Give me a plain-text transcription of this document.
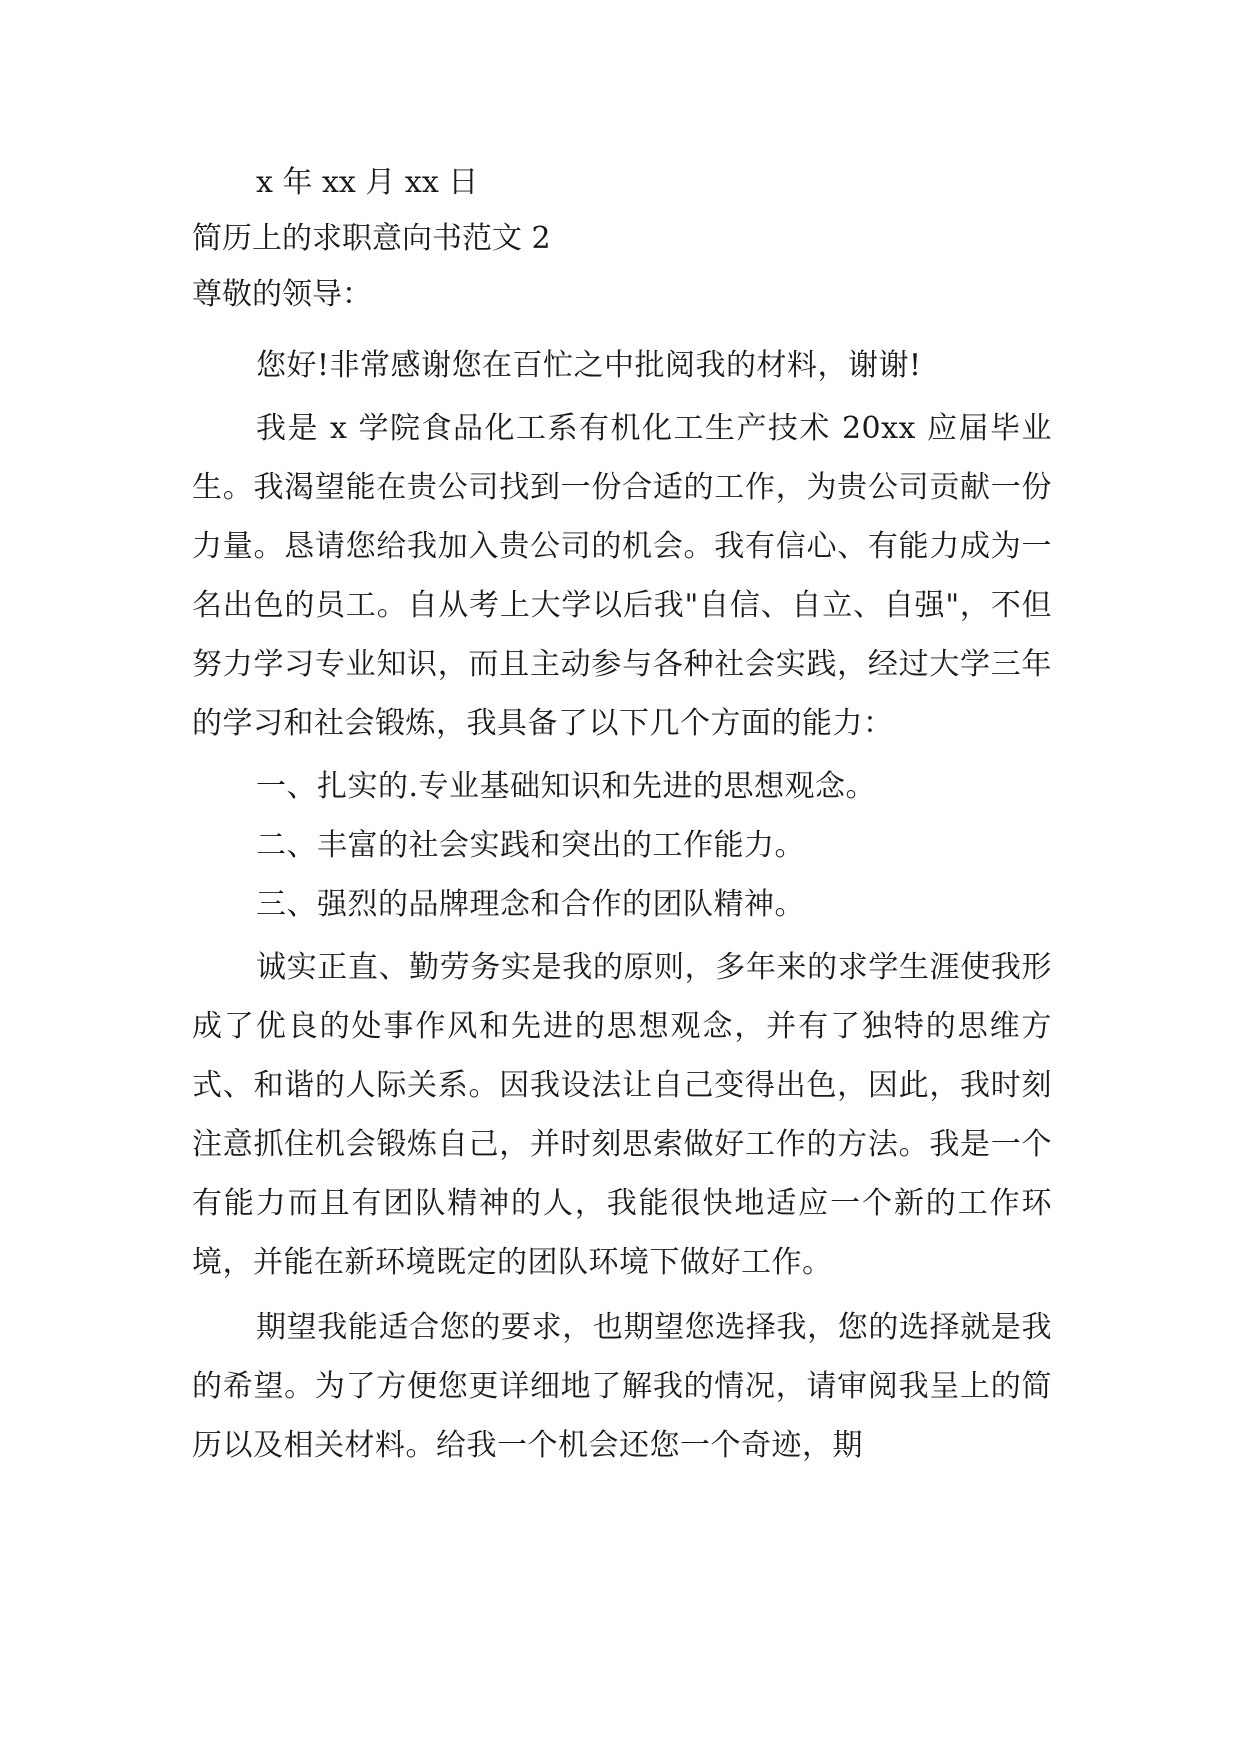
x 年 xx 月 xx 日

简历上的求职意向书范文 2

尊敬的领导：

您好!非常感谢您在百忙之中批阅我的材料，谢谢!

我是 x 学院食品化工系有机化工生产技术 20xx 应届毕业生。我渴望能在贵公司找到一份合适的工作，为贵公司贡献一份力量。恳请您给我加入贵公司的机会。我有信心、有能力成为一名出色的员工。自从考上大学以后我"自信、自立、自强"，不但努力学习专业知识，而且主动参与各种社会实践，经过大学三年的学习和社会锻炼，我具备了以下几个方面的能力：

一、扎实的.专业基础知识和先进的思想观念。

二、丰富的社会实践和突出的工作能力。

三、强烈的品牌理念和合作的团队精神。

诚实正直、勤劳务实是我的原则，多年来的求学生涯使我形成了优良的处事作风和先进的思想观念，并有了独特的思维方式、和谐的人际关系。因我设法让自己变得出色，因此，我时刻注意抓住机会锻炼自己，并时刻思索做好工作的方法。我是一个有能力而且有团队精神的人，我能很快地适应一个新的工作环境，并能在新环境既定的团队环境下做好工作。

期望我能适合您的要求，也期望您选择我，您的选择就是我的希望。为了方便您更详细地了解我的情况，请审阅我呈上的简历以及相关材料。给我一个机会还您一个奇迹，期
